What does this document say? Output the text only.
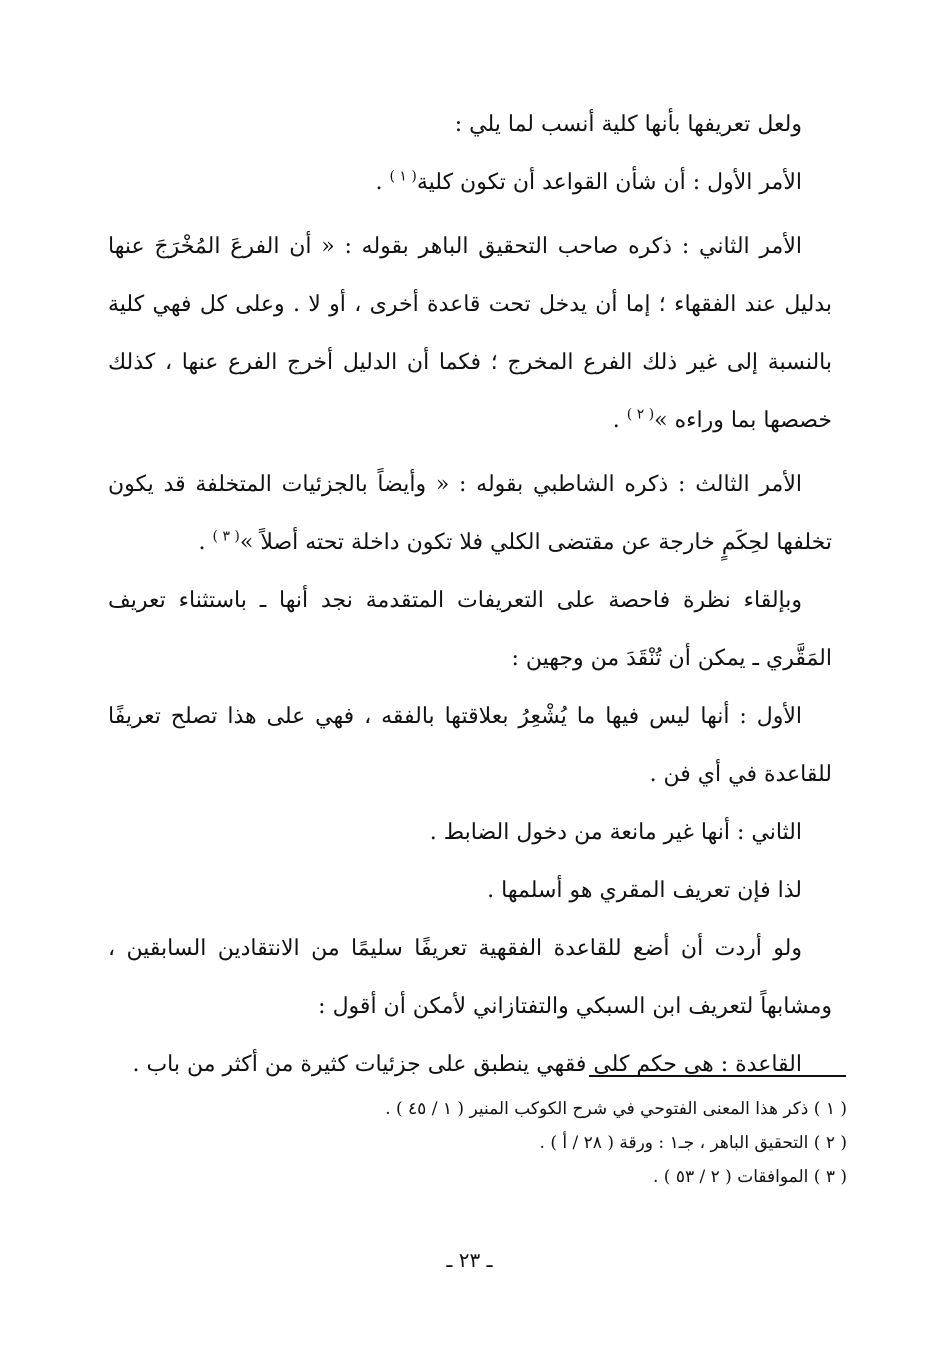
ولعل تعريفها بأنها كلية أنسب لما يلي :

الأمر الأول : أن شأن القواعد أن تكون كلية$^{( ١ )}$ .

الأمر الثاني : ذكره صاحب التحقيق الباهر بقوله : « أن الفرعَ المُخْرَجَ عنها بدليل عند الفقهاء ؛ إما أن يدخل تحت قاعدة أخرى ، أو لا . وعلى كل فهي كلية بالنسبة إلى غير ذلك الفرع المخرج ؛ فكما أن الدليل أخرج الفرع عنها ، كذلك خصصها بما وراءه »$^{( ٢ )}$ .

الأمر الثالث : ذكره الشاطبي بقوله : « وأيضاً بالجزئيات المتخلفة قد يكون تخلفها لحِكَمٍ خارجة عن مقتضى الكلي فلا تكون داخلة تحته أصلاً »$^{( ٣ )}$ .

وبإلقاء نظرة فاحصة على التعريفات المتقدمة نجد أنها ـ باستثناء تعريف المَقَّري ـ يمكن أن تُنْقَدَ من وجهين :

الأول : أنها ليس فيها ما يُشْعِرُ بعلاقتها بالفقه ، فهي على هذا تصلح تعريفًا للقاعدة في أي فن .

الثاني : أنها غير مانعة من دخول الضابط .

لذا فإن تعريف المقري هو أسلمها .

ولو أردت أن أضع للقاعدة الفقهية تعريفًا سليمًا من الانتقادين السابقين ، ومشابهاً لتعريف ابن السبكي والتفتازاني لأمكن أن أقول :

القاعدة : هي حكم كلي فقهي ينطبق على جزئيات كثيرة من أكثر من باب .

( ١ ) ذكر هذا المعنى الفتوحي في شرح الكوكب المنير ( ١ / ٤٥ ) .

( ٢ ) التحقيق الباهر ، جـ١ : ورقة ( ٢٨ / أ ) .

( ٣ ) الموافقات ( ٢ / ٥٣ ) .

ـ ٢٣ ـ
